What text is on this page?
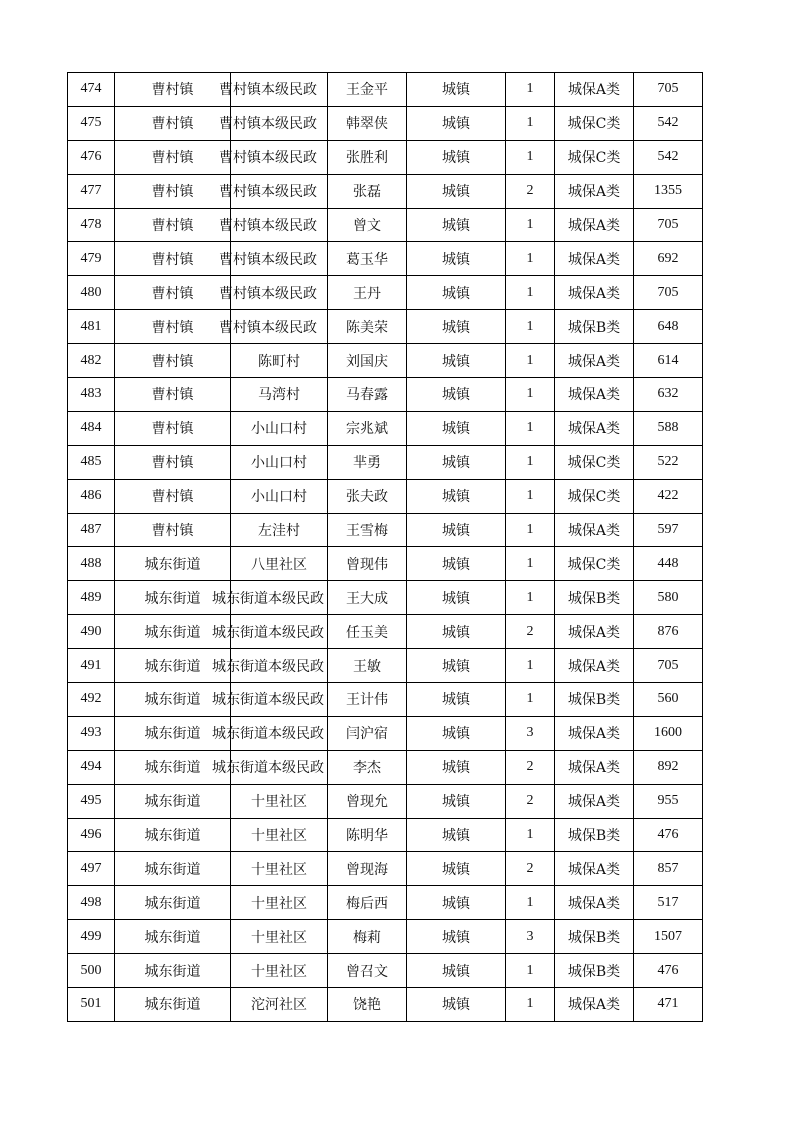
474	曹村镇	曹村镇本级民政	王金平	城镇	1	城保A类	705
475	曹村镇	曹村镇本级民政	韩翠侠	城镇	1	城保C类	542
476	曹村镇	曹村镇本级民政	张胜利	城镇	1	城保C类	542
477	曹村镇	曹村镇本级民政	张磊	城镇	2	城保A类	1355
478	曹村镇	曹村镇本级民政	曾文	城镇	1	城保A类	705
479	曹村镇	曹村镇本级民政	葛玉华	城镇	1	城保A类	692
480	曹村镇	曹村镇本级民政	王丹	城镇	1	城保A类	705
481	曹村镇	曹村镇本级民政	陈美荣	城镇	1	城保B类	648
482	曹村镇	陈町村	刘国庆	城镇	1	城保A类	614
483	曹村镇	马湾村	马春露	城镇	1	城保A类	632
484	曹村镇	小山口村	宗兆斌	城镇	1	城保A类	588
485	曹村镇	小山口村	芈勇	城镇	1	城保C类	522
486	曹村镇	小山口村	张夫政	城镇	1	城保C类	422
487	曹村镇	左洼村	王雪梅	城镇	1	城保A类	597
488	城东街道	八里社区	曾现伟	城镇	1	城保C类	448
489	城东街道	城东街道本级民政	王大成	城镇	1	城保B类	580
490	城东街道	城东街道本级民政	任玉美	城镇	2	城保A类	876
491	城东街道	城东街道本级民政	王敏	城镇	1	城保A类	705
492	城东街道	城东街道本级民政	王计伟	城镇	1	城保B类	560
493	城东街道	城东街道本级民政	闫沪宿	城镇	3	城保A类	1600
494	城东街道	城东街道本级民政	李杰	城镇	2	城保A类	892
495	城东街道	十里社区	曾现允	城镇	2	城保A类	955
496	城东街道	十里社区	陈明华	城镇	1	城保B类	476
497	城东街道	十里社区	曾现海	城镇	2	城保A类	857
498	城东街道	十里社区	梅后西	城镇	1	城保A类	517
499	城东街道	十里社区	梅莉	城镇	3	城保B类	1507
500	城东街道	十里社区	曾召文	城镇	1	城保B类	476
501	城东街道	沱河社区	饶艳	城镇	1	城保A类	471
